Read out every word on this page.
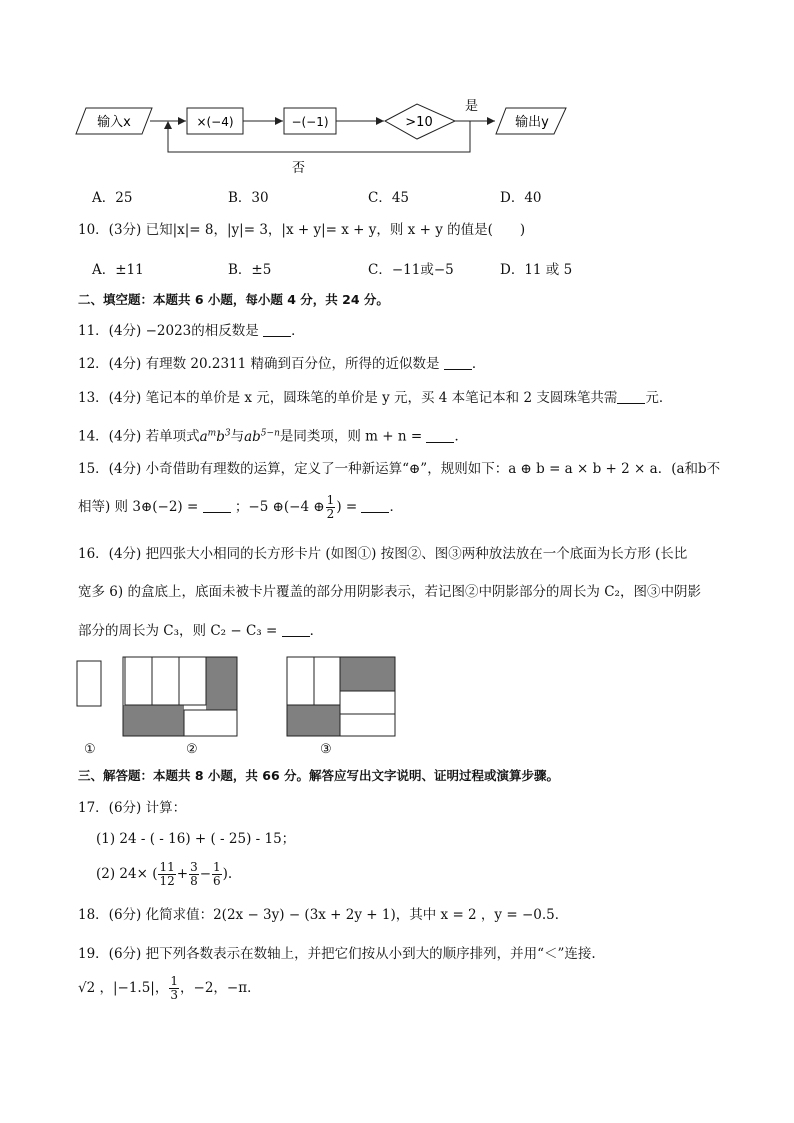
输入x	×(−4)	−(−1)	>10
是
输出y
否
A．25	B．30	C．45	D．40
10．(3分) 已知|x|= 8，|y|= 3，|x + y|= x + y，则 x + y 的值是(　　)
A．±11	B．±5	C．−11或−5	D．11 或 5
二、填空题：本题共 6 小题，每小题 4 分，共 24 分。
11．(4分) −2023的相反数是 ．
12．(4分) 有理数 20.2311 精确到百分位，所得的近似数是 ．
13．(4分) 笔记本的单价是 x 元，圆珠笔的单价是 y 元，买 4 本笔记本和 2 支圆珠笔共需 元．
14．(4分) 若单项式$a^mb^3$与$ab^{5-n}$是同类项，则 m + n = ．
15．(4分) 小奇借助有理数的运算，定义了一种新运算“⊕”，规则如下：a ⊕ b = a × b + 2 × a．(a和b不
相等) 则 3⊕(−2) =	；−5 ⊕(−4 ⊕ $\frac{1}{2}$ ) = ．
16．(4分) 把四张大小相同的长方形卡片 (如图①) 按图②、图③两种放法放在一个底面为长方形 (长比
宽多 6) 的盒底上，底面未被卡片覆盖的部分用阴影表示，若记图②中阴影部分的周长为 C₂，图③中阴影
部分的周长为 C₃，则 C₂ − C₃ = ．
①	②	③
三、解答题：本题共 8 小题，共 66 分。解答应写出文字说明、证明过程或演算步骤。
17．(6分) 计算：
(1) 24 - ( - 16) + ( - 25) - 15；
(2) 24× ( $\frac{11}{12} + \frac{3}{8} - \frac{1}{6}$ ).
18．(6分) 化简求值：2(2x − 3y) − (3x + 2y + 1)，其中 x = 2 ，y = −0.5．
19．(6分) 把下列各数表示在数轴上，并把它们按从小到大的顺序排列，并用“＜”连接.
√2 ，|−1.5|， $\frac{1}{3}$ ，−2，−π．
